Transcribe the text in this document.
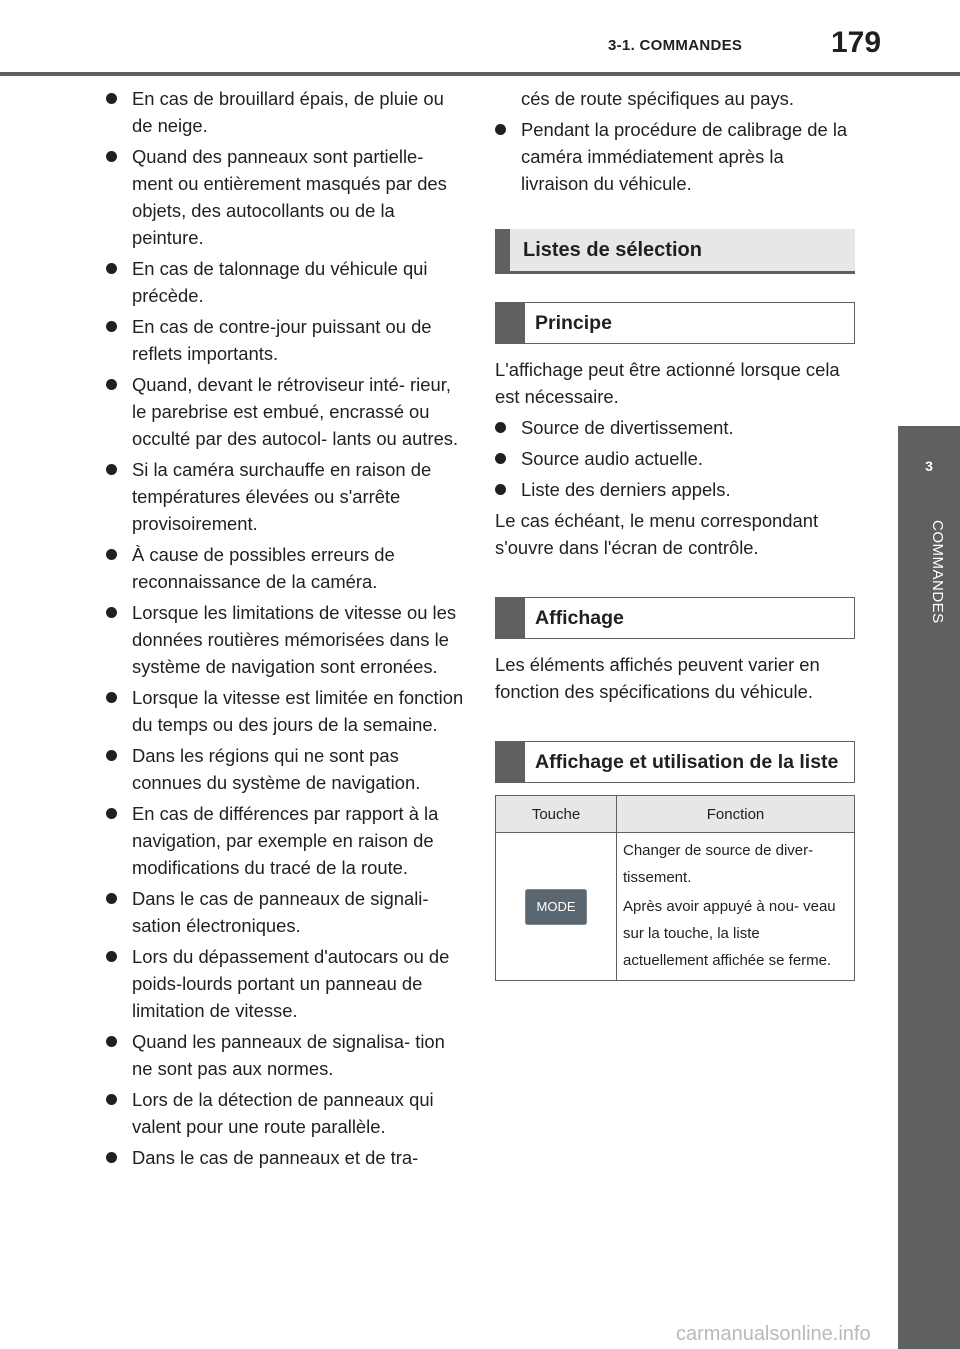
3-1. COMMANDES	179
3
COMMANDES
En cas de brouillard épais, de pluie ou de neige.
Quand des panneaux sont partielle- ment ou entièrement masqués par des objets, des autocollants ou de la peinture.
En cas de talonnage du véhicule qui précède.
En cas de contre-jour puissant ou de reflets importants.
Quand, devant le rétroviseur inté- rieur, le parebrise est embué, encrassé ou occulté par des autocol- lants ou autres.
Si la caméra surchauffe en raison de températures élevées ou s'arrête provisoirement.
À cause de possibles erreurs de reconnaissance de la caméra.
Lorsque les limitations de vitesse ou les données routières mémorisées dans le système de navigation sont erronées.
Lorsque la vitesse est limitée en fonction du temps ou des jours de la semaine.
Dans les régions qui ne sont pas connues du système de navigation.
En cas de différences par rapport à la navigation, par exemple en raison de modifications du tracé de la route.
Dans le cas de panneaux de signali- sation électroniques.
Lors du dépassement d'autocars ou de poids-lourds portant un panneau de limitation de vitesse.
Quand les panneaux de signalisa- tion ne sont pas aux normes.
Lors de la détection de panneaux qui valent pour une route parallèle.
Dans le cas de panneaux et de tra-
cés de route spécifiques au pays.
Pendant la procédure de calibrage de la caméra immédiatement après la livraison du véhicule.
Listes de sélection
Principe

L'affichage peut être actionné lorsque cela est nécessaire.

Source de divertissement.
Source audio actuelle.
Liste des derniers appels.

Le cas échéant, le menu correspondant s'ouvre dans l'écran de contrôle.

Affichage

Les éléments affichés peuvent varier en fonction des spécifications du véhicule.

Affichage et utilisation de la liste
Touche	Fonction
MODE	Changer de source de diver- tissement.

Après avoir appuyé à nou- veau sur la touche, la liste actuellement affichée se ferme.

carmanualsonline.info
